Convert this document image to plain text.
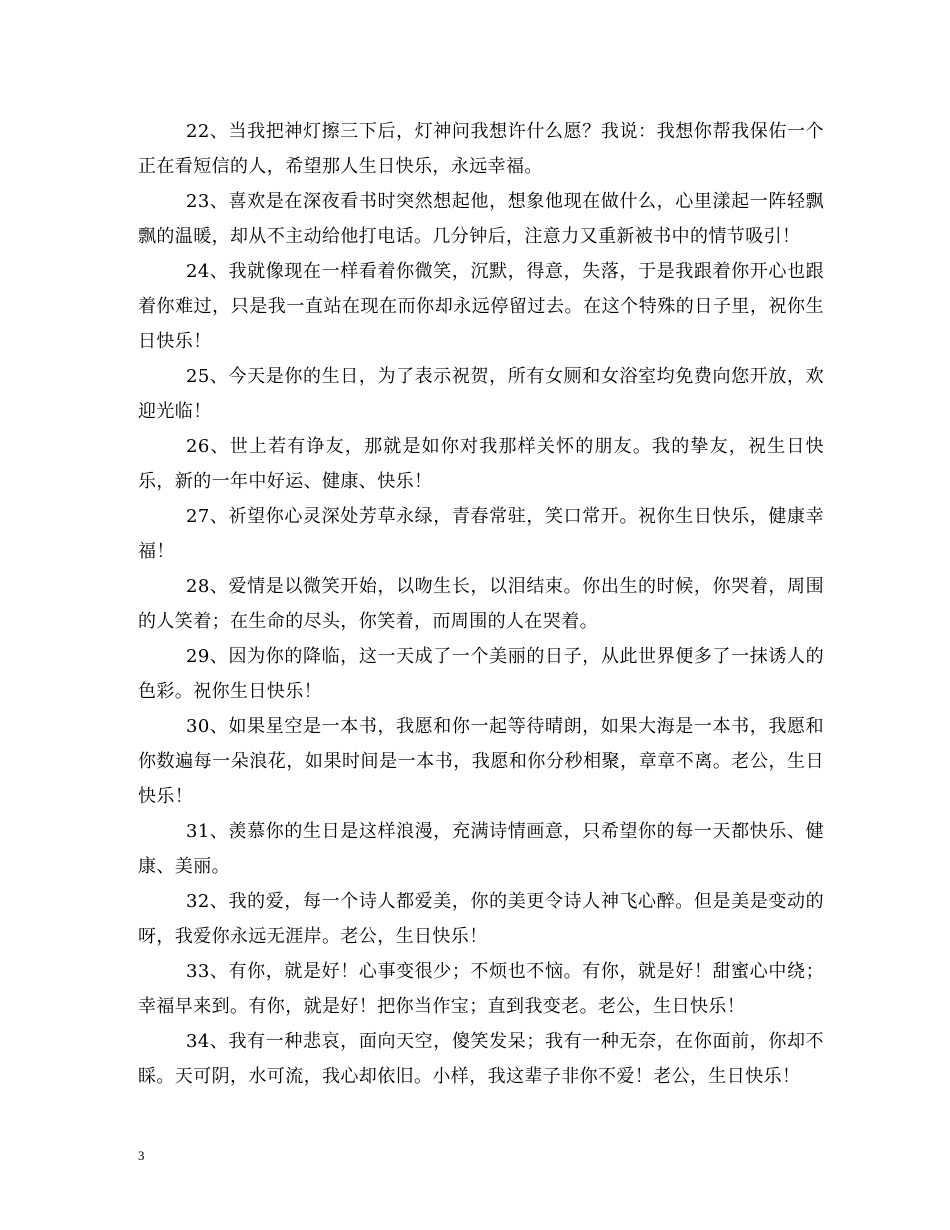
22、当我把神灯擦三下后，灯神问我想许什么愿？我说：我想你帮我保佑一个正在看短信的人，希望那人生日快乐，永远幸福。

23、喜欢是在深夜看书时突然想起他，想象他现在做什么，心里漾起一阵轻飘飘的温暖，却从不主动给他打电话。几分钟后，注意力又重新被书中的情节吸引！

24、我就像现在一样看着你微笑，沉默，得意，失落，于是我跟着你开心也跟着你难过，只是我一直站在现在而你却永远停留过去。在这个特殊的日子里，祝你生日快乐！

25、今天是你的生日，为了表示祝贺，所有女厕和女浴室均免费向您开放，欢迎光临！

26、世上若有诤友，那就是如你对我那样关怀的朋友。我的挚友，祝生日快乐，新的一年中好运、健康、快乐！

27、祈望你心灵深处芳草永绿，青春常驻，笑口常开。祝你生日快乐，健康幸福！

28、爱情是以微笑开始，以吻生长，以泪结束。你出生的时候，你哭着，周围的人笑着；在生命的尽头，你笑着，而周围的人在哭着。

29、因为你的降临，这一天成了一个美丽的日子，从此世界便多了一抹诱人的色彩。祝你生日快乐！

30、如果星空是一本书，我愿和你一起等待晴朗，如果大海是一本书，我愿和你数遍每一朵浪花，如果时间是一本书，我愿和你分秒相聚，章章不离。老公，生日快乐！

31、羡慕你的生日是这样浪漫，充满诗情画意，只希望你的每一天都快乐、健康、美丽。

32、我的爱，每一个诗人都爱美，你的美更令诗人神飞心醉。但是美是变动的呀，我爱你永远无涯岸。老公，生日快乐！

33、有你，就是好！心事变很少；不烦也不恼。有你，就是好！甜蜜心中绕；幸福早来到。有你，就是好！把你当作宝；直到我变老。老公，生日快乐！

34、我有一种悲哀，面向天空，傻笑发呆；我有一种无奈，在你面前，你却不睬。天可阴，水可流，我心却依旧。小样，我这辈子非你不爱！老公，生日快乐！

3
